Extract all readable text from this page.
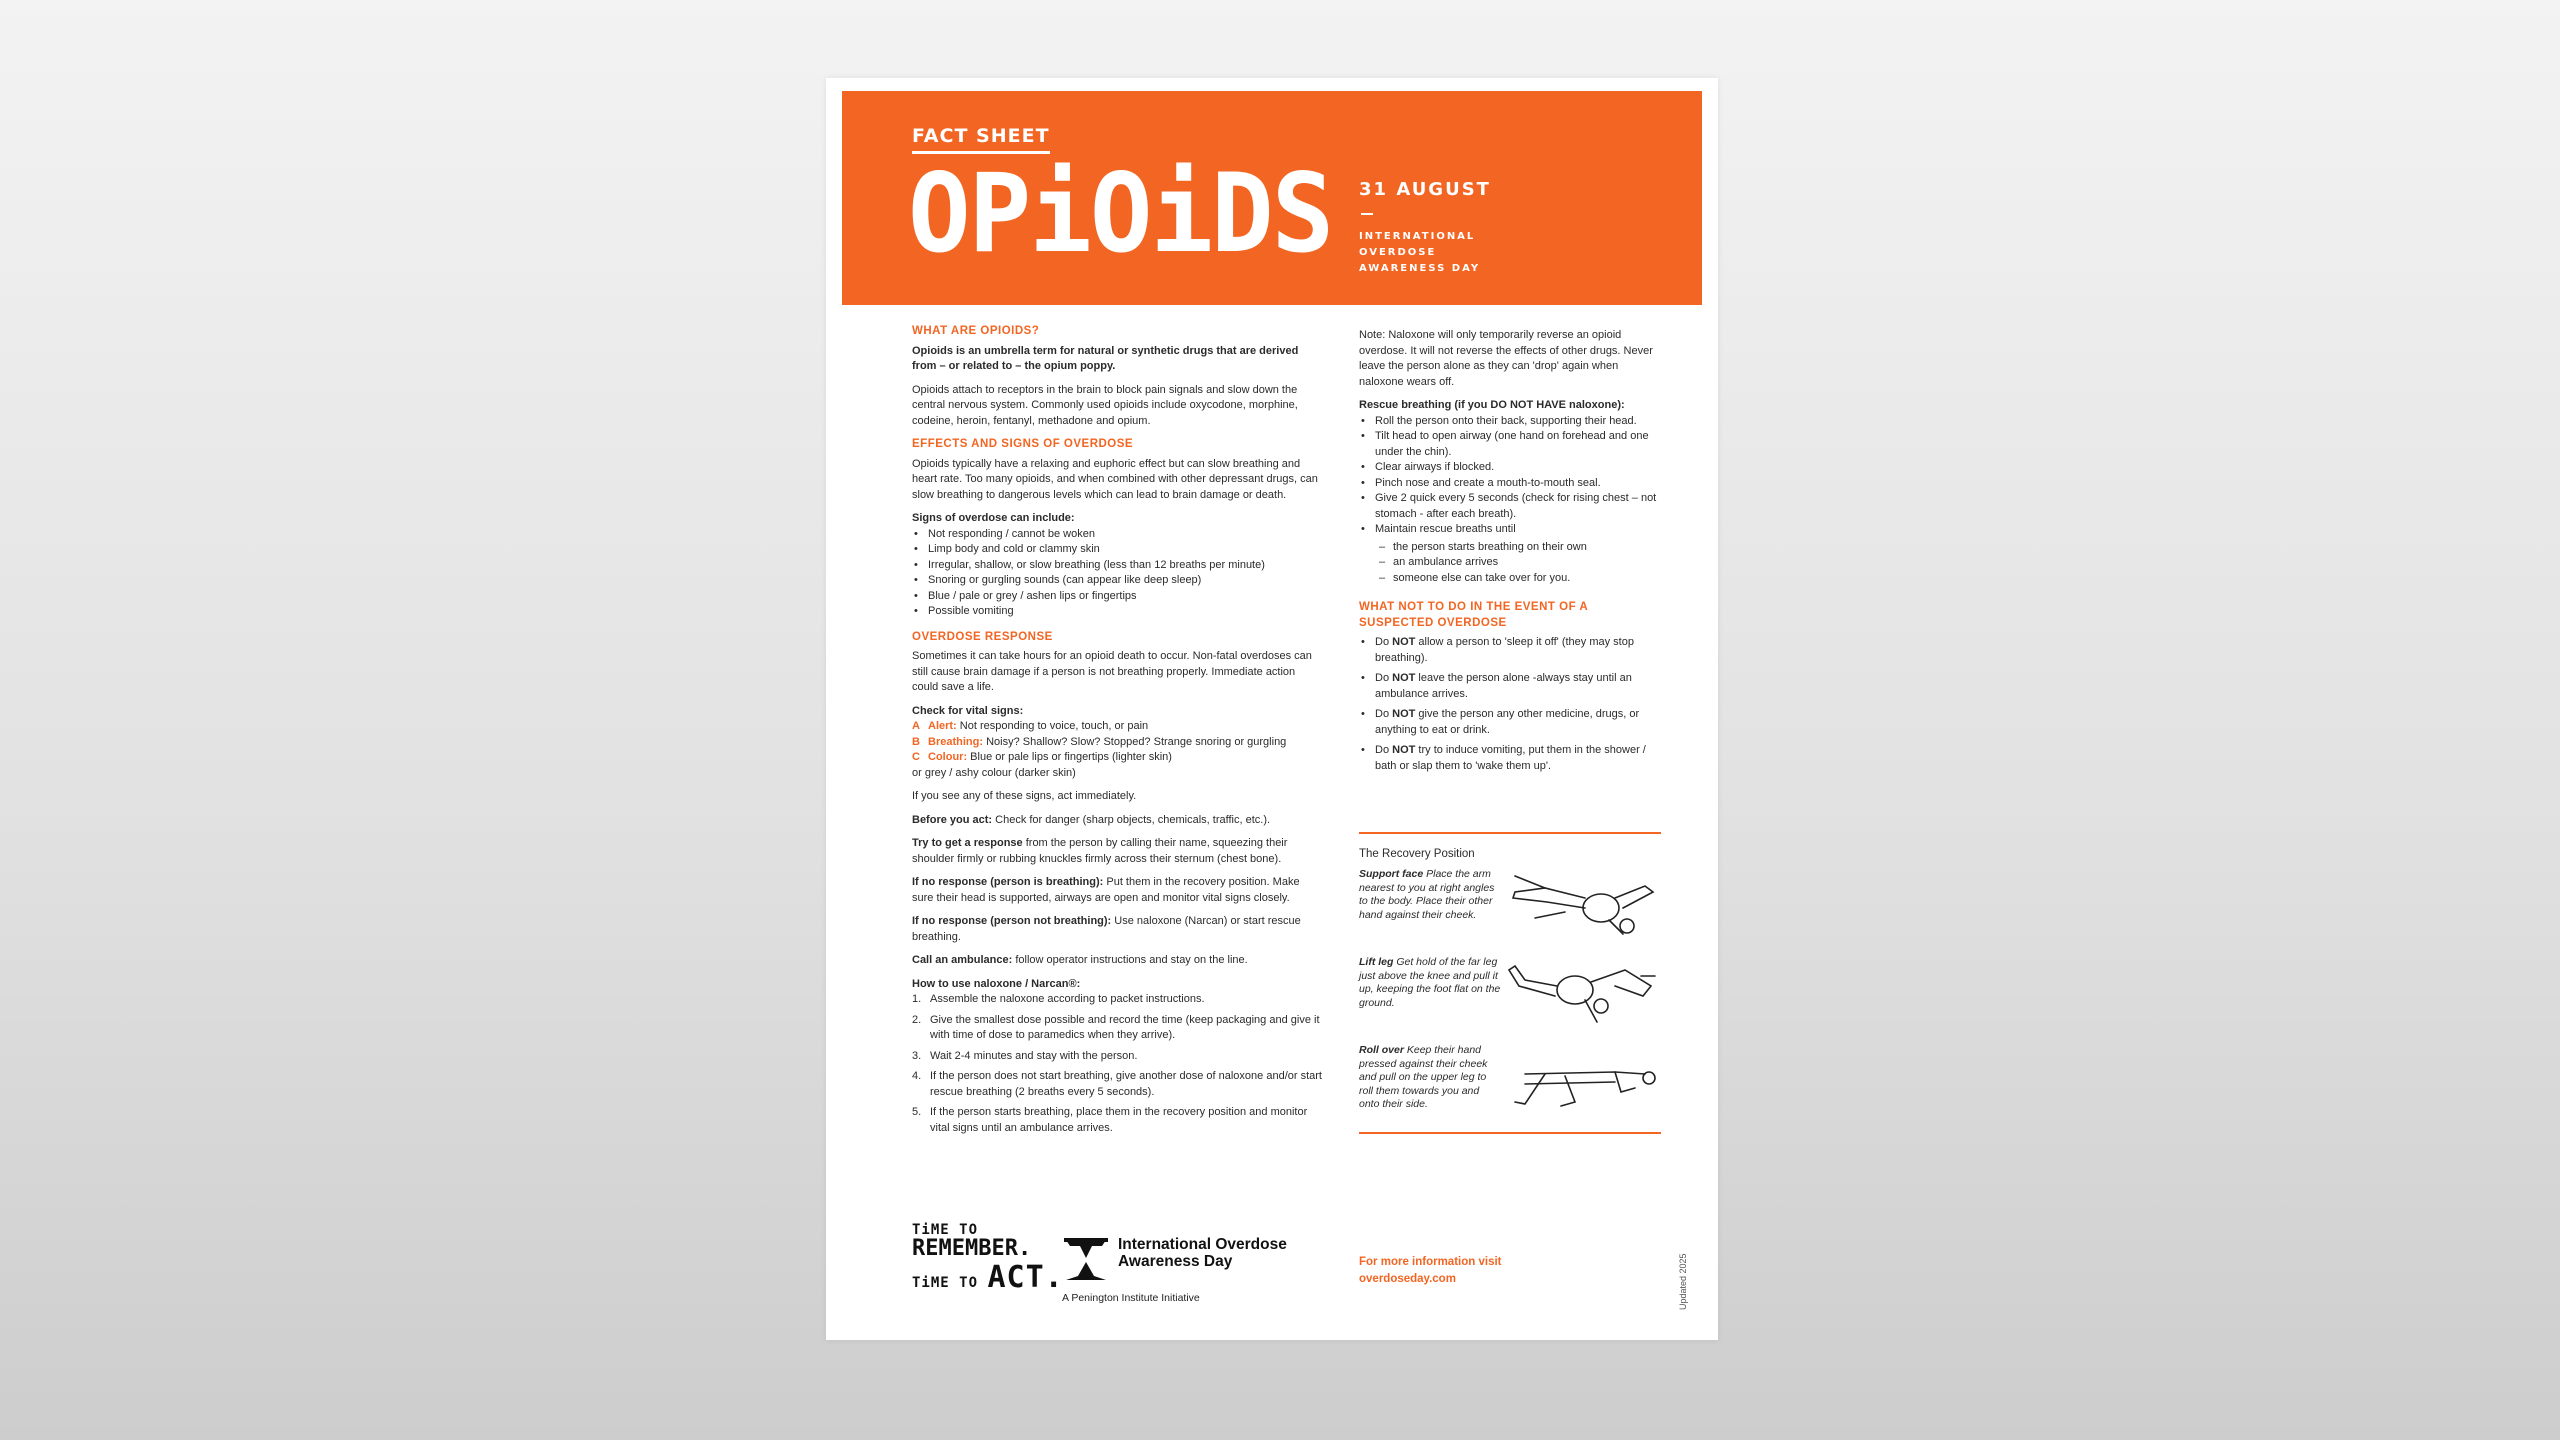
FACT SHEET
OPiOiDS 31 AUGUST
INTERNATIONAL OVERDOSE AWARENESS DAY
WHAT ARE OPIOIDS?

Opioids is an umbrella term for natural or synthetic drugs that are derived from – or related to – the opium poppy.

Opioids attach to receptors in the brain to block pain signals and slow down the central nervous system. Commonly used opioids include oxycodone, morphine, codeine, heroin, fentanyl, methadone and opium.

EFFECTS AND SIGNS OF OVERDOSE

Opioids typically have a relaxing and euphoric effect but can slow breathing and heart rate. Too many opioids, and when combined with other depressant drugs, can slow breathing to dangerous levels which can lead to brain damage or death.

Signs of overdose can include:
• Not responding / cannot be woken
• Limp body and cold or clammy skin
• Irregular, shallow, or slow breathing (less than 12 breaths per minute)
• Snoring or gurgling sounds (can appear like deep sleep)
• Blue / pale or grey / ashen lips or fingertips
• Possible vomiting
OVERDOSE RESPONSE

Sometimes it can take hours for an opioid death to occur. Non-fatal overdoses can still cause brain damage if a person is not breathing properly. Immediate action could save a life.

Check for vital signs:
A Alert: Not responding to voice, touch, or pain
B Breathing: Noisy? Shallow? Slow? Stopped? Strange snoring or gurgling
C Colour: Blue or pale lips or fingertips (lighter skin)
or grey / ashy colour (darker skin)

If you see any of these signs, act immediately.

Before you act: Check for danger (sharp objects, chemicals, traffic, etc.).

Try to get a response from the person by calling their name, squeezing their shoulder firmly or rubbing knuckles firmly across their sternum (chest bone).

If no response (person is breathing): Put them in the recovery position. Make sure their head is supported, airways are open and monitor vital signs closely.

If no response (person not breathing): Use naloxone (Narcan) or start rescue breathing.

Call an ambulance: follow operator instructions and stay on the line.

How to use naloxone / Narcan®:
1. Assemble the naloxone according to packet instructions.
2. Give the smallest dose possible and record the time (keep packaging and give it with time of dose to paramedics when they arrive).
3. Wait 2-4 minutes and stay with the person.
4. If the person does not start breathing, give another dose of naloxone and/or start rescue breathing (2 breaths every 5 seconds).
5. If the person starts breathing, place them in the recovery position and monitor vital signs until an ambulance arrives.

Note: Naloxone will only temporarily reverse an opioid overdose. It will not reverse the effects of other drugs. Never leave the person alone as they can 'drop' again when naloxone wears off.

Rescue breathing (if you DO NOT HAVE naloxone):
• Roll the person onto their back, supporting their head.
• Tilt head to open airway (one hand on forehead and one under the chin).
• Clear airways if blocked.
• Pinch nose and create a mouth-to-mouth seal.
• Give 2 quick every 5 seconds (check for rising chest – not stomach - after each breath).
• Maintain rescue breaths until
– the person starts breathing on their own
– an ambulance arrives
– someone else can take over for you.
WHAT NOT TO DO IN THE EVENT OF A SUSPECTED OVERDOSE
• Do NOT allow a person to 'sleep it off' (they may stop breathing).
• Do NOT leave the person alone -always stay until an ambulance arrives.
• Do NOT give the person any other medicine, drugs, or anything to eat or drink.
• Do NOT try to induce vomiting, put them in the shower / bath or slap them to 'wake them up'.
The Recovery Position
Support face Place the arm nearest to you at right angles to the body. Place their other hand against their cheek.
Lift leg Get hold of the far leg just above the knee and pull it up, keeping the foot flat on the ground.
Roll over Keep their hand pressed against their cheek and pull on the upper leg to roll them towards you and onto their side.
TiME TO
REMEMBER.
TiME TO ACT.
International Overdose Awareness Day
A Penington Institute Initiative
For more information visit
overdoseday.com	Updated 2025
